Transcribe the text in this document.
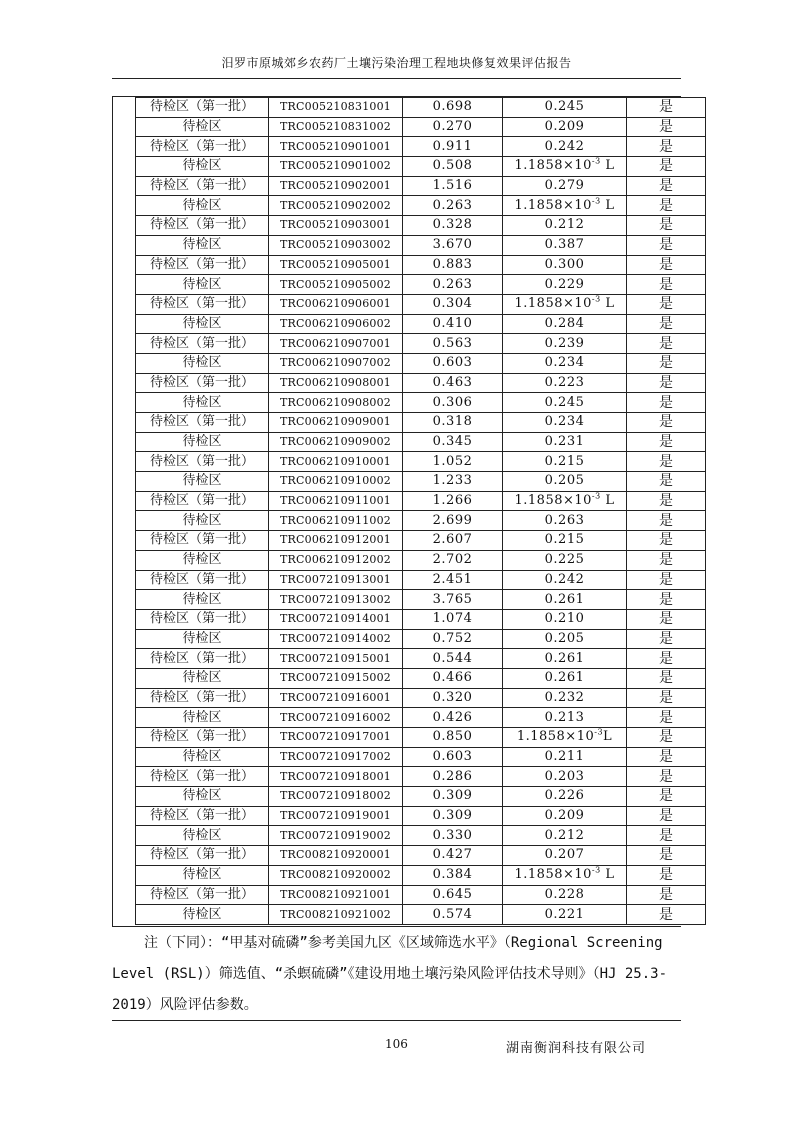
汨罗市原城郊乡农药厂土壤污染治理工程地块修复效果评估报告
待检区（第一批）	TRC005210831001	0.698	0.245	是
待检区	TRC005210831002	0.270	0.209	是
待检区（第一批）	TRC005210901001	0.911	0.242	是
待检区	TRC005210901002	0.508	$1.1858\times 10^{-3}$ L	是
待检区（第一批）	TRC005210902001	1.516	0.279	是
待检区	TRC005210902002	0.263	$1.1858\times 10^{-3}$ L	是
待检区（第一批）	TRC005210903001	0.328	0.212	是
待检区	TRC005210903002	3.670	0.387	是
待检区（第一批）	TRC005210905001	0.883	0.300	是
待检区	TRC005210905002	0.263	0.229	是
待检区（第一批）	TRC006210906001	0.304	$1.1858\times 10^{-3}$ L	是
待检区	TRC006210906002	0.410	0.284	是
待检区（第一批）	TRC006210907001	0.563	0.239	是
待检区	TRC006210907002	0.603	0.234	是
待检区（第一批）	TRC006210908001	0.463	0.223	是
待检区	TRC006210908002	0.306	0.245	是
待检区（第一批）	TRC006210909001	0.318	0.234	是
待检区	TRC006210909002	0.345	0.231	是
待检区（第一批）	TRC006210910001	1.052	0.215	是
待检区	TRC006210910002	1.233	0.205	是
待检区（第一批）	TRC006210911001	1.266	$1.1858\times 10^{-3}$ L	是
待检区	TRC006210911002	2.699	0.263	是
待检区（第一批）	TRC006210912001	2.607	0.215	是
待检区	TRC006210912002	2.702	0.225	是
待检区（第一批）	TRC007210913001	2.451	0.242	是
待检区	TRC007210913002	3.765	0.261	是
待检区（第一批）	TRC007210914001	1.074	0.210	是
待检区	TRC007210914002	0.752	0.205	是
待检区（第一批）	TRC007210915001	0.544	0.261	是
待检区	TRC007210915002	0.466	0.261	是
待检区（第一批）	TRC007210916001	0.320	0.232	是
待检区	TRC007210916002	0.426	0.213	是
待检区（第一批）	TRC007210917001	0.850	$1.1858\times 10^{-3}L$	是
待检区	TRC007210917002	0.603	0.211	是
待检区（第一批）	TRC007210918001	0.286	0.203	是
待检区	TRC007210918002	0.309	0.226	是
待检区（第一批）	TRC007210919001	0.309	0.209	是
待检区	TRC007210919002	0.330	0.212	是
待检区（第一批）	TRC008210920001	0.427	0.207	是
待检区	TRC008210920002	0.384	$1.1858\times 10^{-3}$ L	是
待检区（第一批）	TRC008210921001	0.645	0.228	是
待检区	TRC008210921002	0.574	0.221	是
注（下同）：“甲基对硫磷”参考美国九区《区域筛选水平》（Regional Screening Level (RSL)）筛选值、“杀螟硫磷”《建设用地土壤污染风险评估技术导则》（HJ 25.3-2019）风险评估参数。
106	湖南衡润科技有限公司
